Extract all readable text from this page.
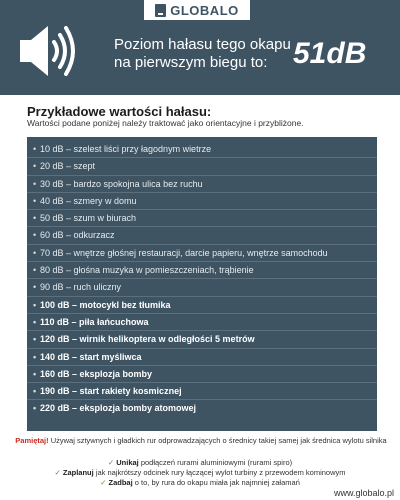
GLOBALO
Poziom hałasu tego okapu
na pierwszym biegu to: 51dB
Przykładowe wartości hałasu:
Wartości podane poniżej należy traktować jako orientacyjne i przybliżone.
• 10 dB – szelest liści przy łagodnym wietrze
• 20 dB – szept
• 30 dB – bardzo spokojna ulica bez ruchu
• 40 dB – szmery w domu
• 50 dB – szum w biurach
• 60 dB – odkurzacz
• 70 dB – wnętrze głośnej restauracji, darcie papieru, wnętrze samochodu
• 80 dB – głośna muzyka w pomieszczeniach, trąbienie
• 90 dB – ruch uliczny
• 100 dB – motocykl bez tłumika
• 110 dB – piła łańcuchowa
• 120 dB – wirnik helikoptera w odległości 5 metrów
• 140 dB – start myśliwca
• 160 dB – eksplozja bomby
• 190 dB – start rakiety kosmicznej
• 220 dB – eksplozja bomby atomowej
Pamiętaj! Używaj sztywnych i gładkich rur odprowadzających o średnicy takiej samej jak średnica wylotu silnika
✓ Unikaj podłączeń rurami aluminiowymi (rurami spiro)
✓ Zaplanuj jak najkrótszy odcinek rury łączącej wylot turbiny z przewodem kominowym
✓ Zadbaj o to, by rura do okapu miała jak najmniej załamań
www.globalo.pl
